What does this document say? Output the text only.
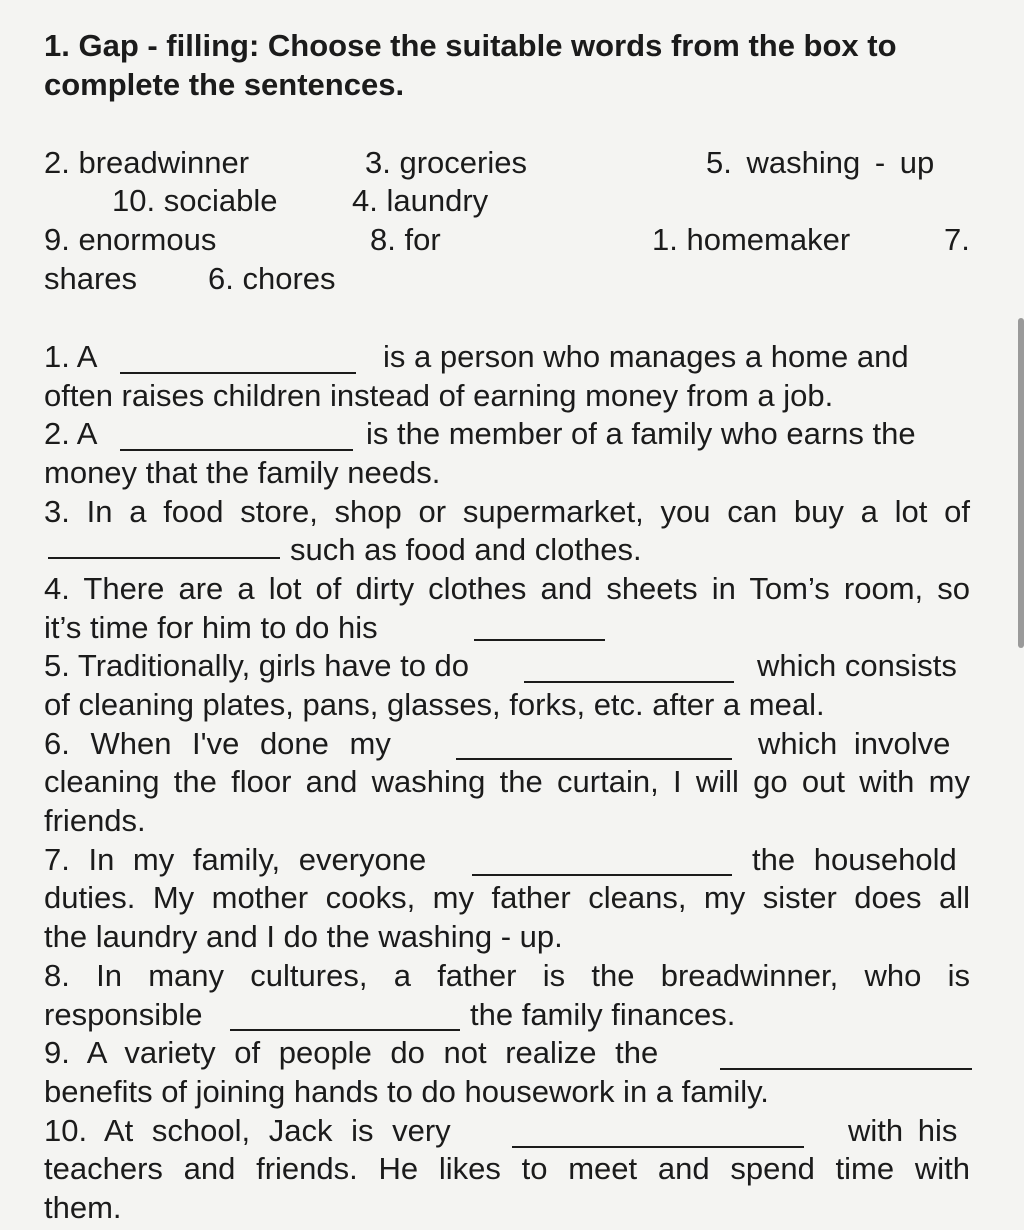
1. Gap - filling: Choose the suitable words from the box to complete the sentences.
2. breadwinner	3. groceries	5. washing - up
10. sociable 4. laundry
9. enormous	8. for	1. homemaker	7.
shares 6. chores
1. A	is a person who manages a home and
often raises children instead of earning money from a job.
2. A	is the member of a family who earns the
money that the family needs.
3. In a food store, shop or supermarket, you can buy a lot of
such as food and clothes.
4. There are a lot of dirty clothes and sheets in Tom’s room, so
it’s time for him to do his
5. Traditionally, girls have to do	which consists
of cleaning plates, pans, glasses, forks, etc. after a meal.
6. When I've done my	which involve
cleaning the floor and washing the curtain, I will go out with my
friends.
7. In my family, everyone	the household
duties. My mother cooks, my father cleans, my sister does all
the laundry and I do the washing - up.
8. In many cultures, a father is the breadwinner, who is
responsible	the family finances.
9. A variety of people do not realize the
benefits of joining hands to do housework in a family.
10. At school, Jack is very	with his
teachers and friends. He likes to meet and spend time with
them.
